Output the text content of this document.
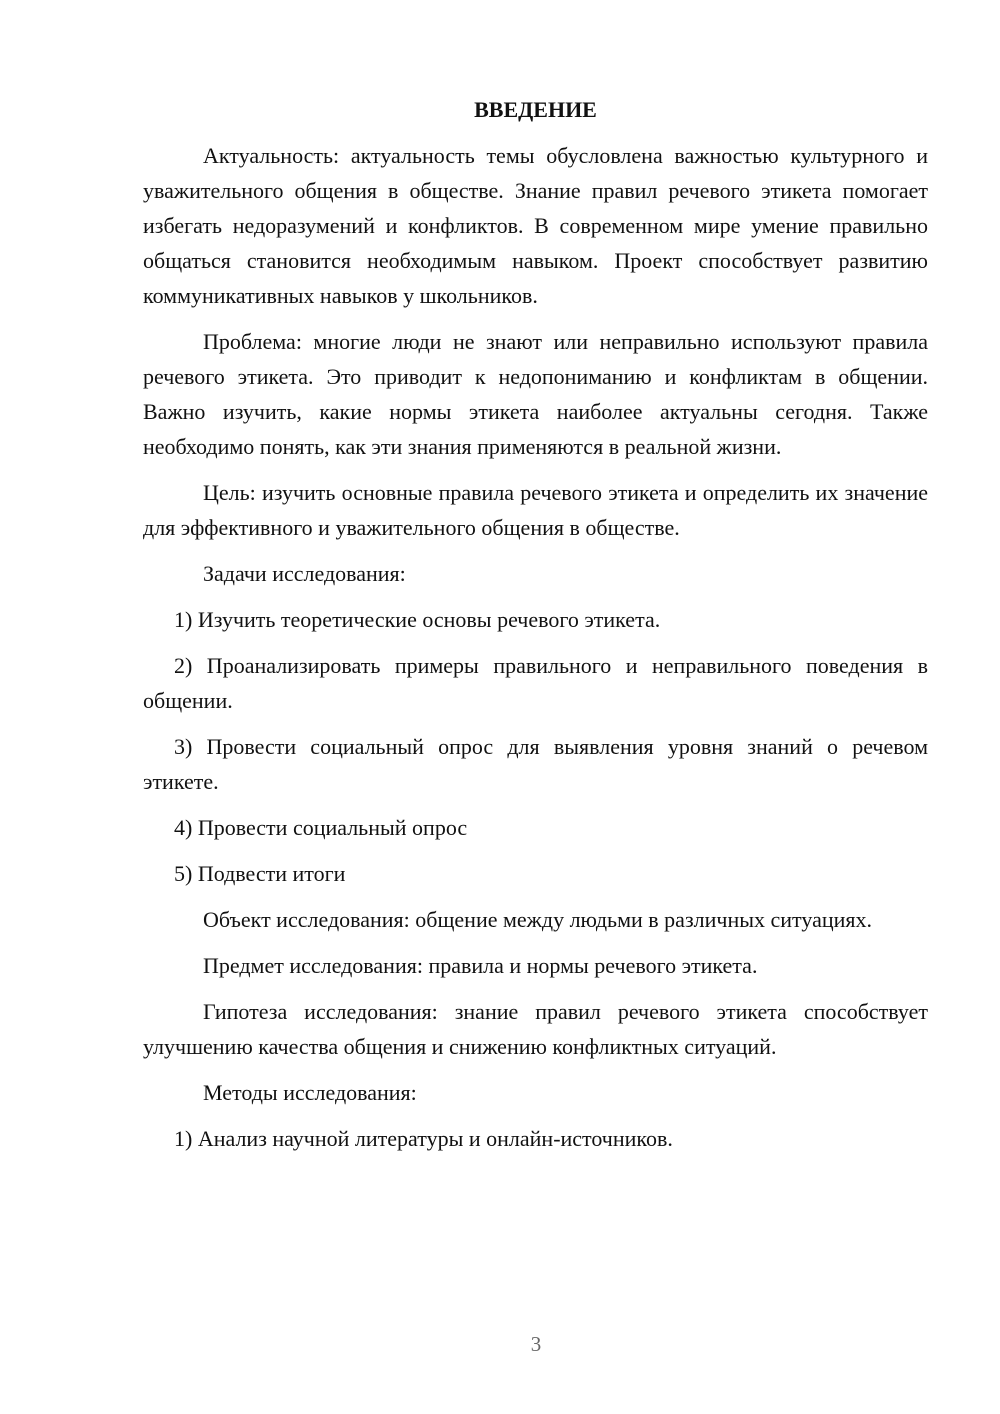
ВВЕДЕНИЕ

Актуальность: актуальность темы обусловлена важностью культурного и уважительного общения в обществе. Знание правил речевого этикета помогает избегать недоразумений и конфликтов. В современном мире умение правильно общаться становится необходимым навыком. Проект способствует развитию коммуникативных навыков у школьников.

Проблема: многие люди не знают или неправильно используют правила речевого этикета. Это приводит к недопониманию и конфликтам в общении. Важно изучить, какие нормы этикета наиболее актуальны сегодня. Также необходимо понять, как эти знания применяются в реальной жизни.

Цель: изучить основные правила речевого этикета и определить их значение для эффективного и уважительного общения в обществе.

Задачи исследования:

1) Изучить теоретические основы речевого этикета.

2) Проанализировать примеры правильного и неправильного поведения в общении.

3) Провести социальный опрос для выявления уровня знаний о речевом этикете.

4) Провести социальный опрос

5) Подвести итоги

Объект исследования: общение между людьми в различных ситуациях.

Предмет исследования: правила и нормы речевого этикета.

Гипотеза исследования: знание правил речевого этикета способствует улучшению качества общения и снижению конфликтных ситуаций.

Методы исследования:

1) Анализ научной литературы и онлайн-источников.

3
